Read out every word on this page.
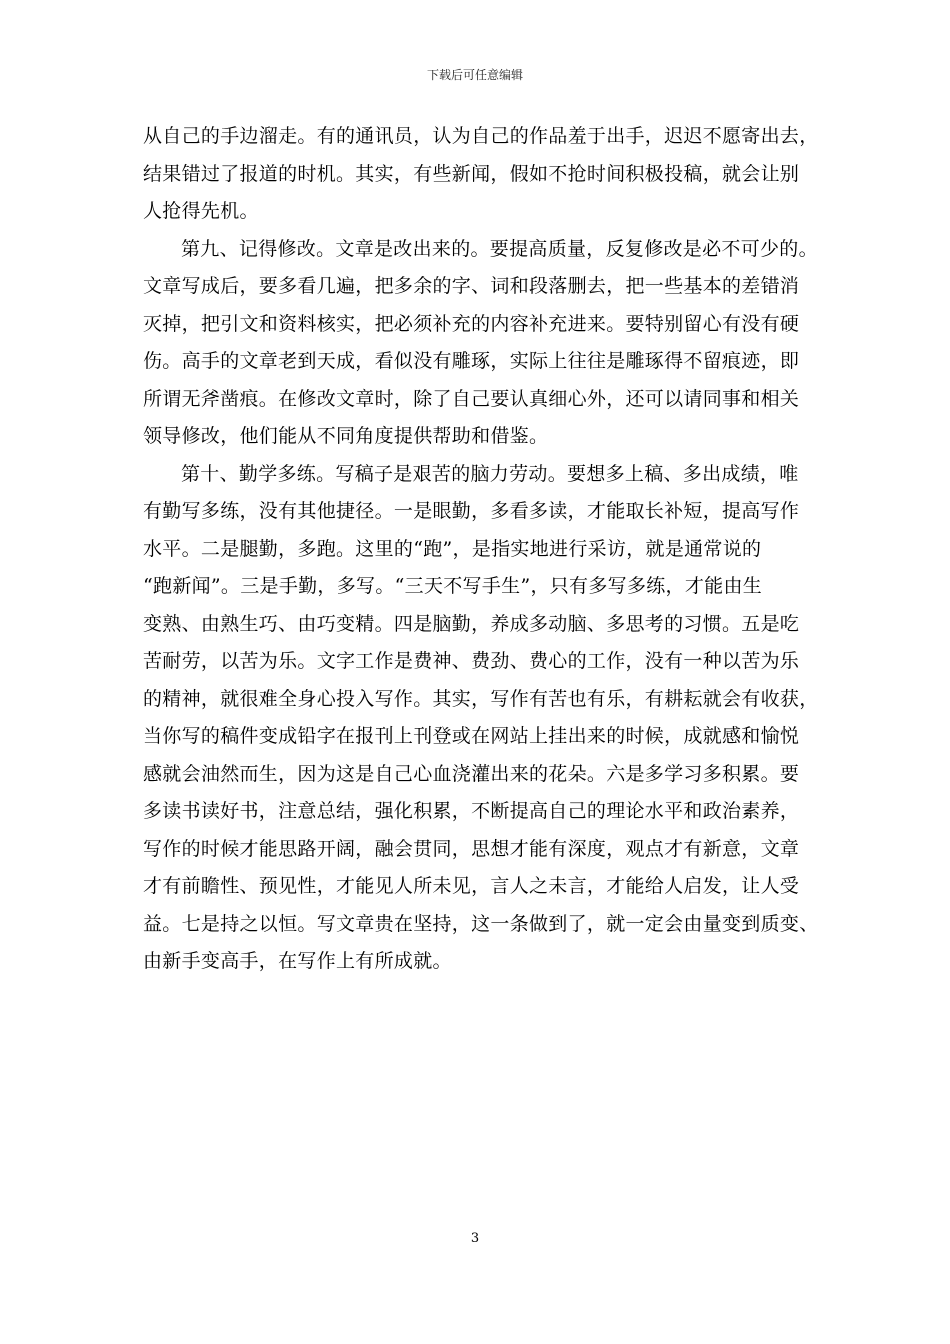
下载后可任意编辑
从自己的手边溜走。有的通讯员，认为自己的作品羞于出手，迟迟不愿寄出去，
结果错过了报道的时机。其实，有些新闻，假如不抢时间积极投稿，就会让别
人抢得先机。
第九、记得修改。文章是改出来的。要提高质量，反复修改是必不可少的。
文章写成后，要多看几遍，把多余的字、词和段落删去，把一些基本的差错消
灭掉，把引文和资料核实，把必须补充的内容补充进来。要特别留心有没有硬
伤。高手的文章老到天成，看似没有雕琢，实际上往往是雕琢得不留痕迹，即
所谓无斧凿痕。在修改文章时，除了自己要认真细心外，还可以请同事和相关
领导修改，他们能从不同角度提供帮助和借鉴。
第十、勤学多练。写稿子是艰苦的脑力劳动。要想多上稿、多出成绩，唯
有勤写多练，没有其他捷径。一是眼勤，多看多读，才能取长补短，提高写作
水平。二是腿勤，多跑。这里的“跑”，是指实地进行采访，就是通常说的
“跑新闻”。三是手勤，多写。“三天不写手生”，只有多写多练，才能由生
变熟、由熟生巧、由巧变精。四是脑勤，养成多动脑、多思考的习惯。五是吃
苦耐劳，以苦为乐。文字工作是费神、费劲、费心的工作，没有一种以苦为乐
的精神，就很难全身心投入写作。其实，写作有苦也有乐，有耕耘就会有收获，
当你写的稿件变成铅字在报刊上刊登或在网站上挂出来的时候，成就感和愉悦
感就会油然而生，因为这是自己心血浇灌出来的花朵。六是多学习多积累。要
多读书读好书，注意总结，强化积累，不断提高自己的理论水平和政治素养，
写作的时候才能思路开阔，融会贯同，思想才能有深度，观点才有新意，文章
才有前瞻性、预见性，才能见人所未见，言人之未言，才能给人启发，让人受
益。七是持之以恒。写文章贵在坚持，这一条做到了，就一定会由量变到质变、
由新手变高手，在写作上有所成就。
3
